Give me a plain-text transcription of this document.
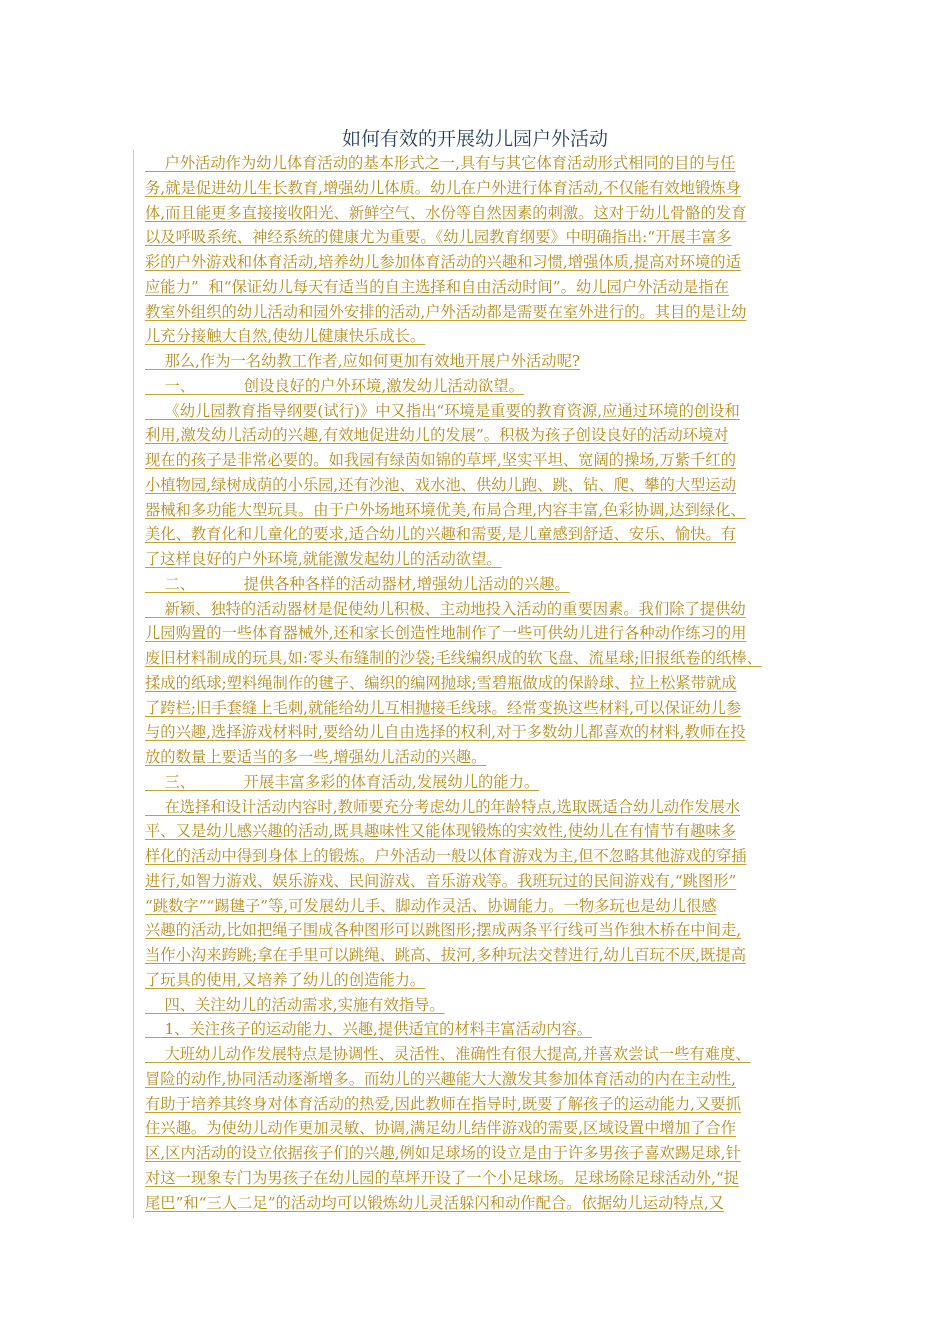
如何有效的开展幼儿园户外活动
户外活动作为幼儿体育活动的基本形式之一,具有与其它体育活动形式相同的目的与任
务,就是促进幼儿生长教育,增强幼儿体质。幼儿在户外进行体育活动,不仅能有效地锻炼身
体,而且能更多直接接收阳光、新鲜空气、水份等自然因素的刺激。这对于幼儿骨骼的发育
以及呼吸系统、神经系统的健康尤为重要。《幼儿园教育纲要》中明确指出:“开展丰富多
彩的户外游戏和体育活动,培养幼儿参加体育活动的兴趣和习惯,增强体质,提高对环境的适
应能力”  和“保证幼儿每天有适当的自主选择和自由活动时间”。幼儿园户外活动是指在
教室外组织的幼儿活动和园外安排的活动,户外活动都是需要在室外进行的。其目的是让幼
儿充分接触大自然,使幼儿健康快乐成长。
那么,作为一名幼教工作者,应如何更加有效地开展户外活动呢?
一、          创设良好的户外环境,激发幼儿活动欲望。
《幼儿园教育指导纲要(试行)》中又指出“环境是重要的教育资源,应通过环境的创设和
利用,激发幼儿活动的兴趣,有效地促进幼儿的发展”。积极为孩子创设良好的活动环境对
现在的孩子是非常必要的。如我园有绿茵如锦的草坪,坚实平坦、宽阔的操场,万紫千红的
小植物园,绿树成荫的小乐园,还有沙池、戏水池、供幼儿跑、跳、钻、爬、攀的大型运动
器械和多功能大型玩具。由于户外场地环境优美,布局合理,内容丰富,色彩协调,达到绿化、
美化、教育化和儿童化的要求,适合幼儿的兴趣和需要,是儿童感到舒适、安乐、愉快。有
了这样良好的户外环境,就能激发起幼儿的活动欲望。
二、          提供各种各样的活动器材,增强幼儿活动的兴趣。
新颖、独特的活动器材是促使幼儿积极、主动地投入活动的重要因素。我们除了提供幼
儿园购置的一些体育器械外,还和家长创造性地制作了一些可供幼儿进行各种动作练习的用
废旧材料制成的玩具,如:零头布缝制的沙袋;毛线编织成的软飞盘、流星球;旧报纸卷的纸棒、
揉成的纸球;塑料绳制作的毽子、编织的编网抛球;雪碧瓶做成的保龄球、拉上松紧带就成
了跨栏;旧手套缝上毛刺,就能给幼儿互相抛接毛线球。经常变换这些材料,可以保证幼儿参
与的兴趣,选择游戏材料时,要给幼儿自由选择的权利,对于多数幼儿都喜欢的材料,教师在投
放的数量上要适当的多一些,增强幼儿活动的兴趣。
三、          开展丰富多彩的体育活动,发展幼儿的能力。
在选择和设计活动内容时,教师要充分考虑幼儿的年龄特点,选取既适合幼儿动作发展水
平、又是幼儿感兴趣的活动,既具趣味性又能体现锻炼的实效性,使幼儿在有情节有趣味多
样化的活动中得到身体上的锻炼。户外活动一般以体育游戏为主,但不忽略其他游戏的穿插
进行,如智力游戏、娱乐游戏、民间游戏、音乐游戏等。我班玩过的民间游戏有,“跳图形”
“跳数字”“踢毽子”等,可发展幼儿手、脚动作灵活、协调能力。一物多玩也是幼儿很感
兴趣的活动,比如把绳子围成各种图形可以跳图形;摆成两条平行线可当作独木桥在中间走,
当作小沟来跨跳;拿在手里可以跳绳、跳高、拔河,多种玩法交替进行,幼儿百玩不厌,既提高
了玩具的使用,又培养了幼儿的创造能力。
四、关注幼儿的活动需求,实施有效指导。
1、关注孩子的运动能力、兴趣,提供适宜的材料丰富活动内容。
大班幼儿动作发展特点是协调性、灵活性、准确性有很大提高,并喜欢尝试一些有难度、
冒险的动作,协同活动逐渐增多。而幼儿的兴趣能大大激发其参加体育活动的内在主动性,
有助于培养其终身对体育活动的热爱,因此教师在指导时,既要了解孩子的运动能力,又要抓
住兴趣。为使幼儿动作更加灵敏、协调,满足幼儿结伴游戏的需要,区域设置中增加了合作
区,区内活动的设立依据孩子们的兴趣,例如足球场的设立是由于许多男孩子喜欢踢足球,针
对这一现象专门为男孩子在幼儿园的草坪开设了一个小足球场。足球场除足球活动外,“捉
尾巴”和“三人二足”的活动均可以锻炼幼儿灵活躲闪和动作配合。依据幼儿运动特点,又
